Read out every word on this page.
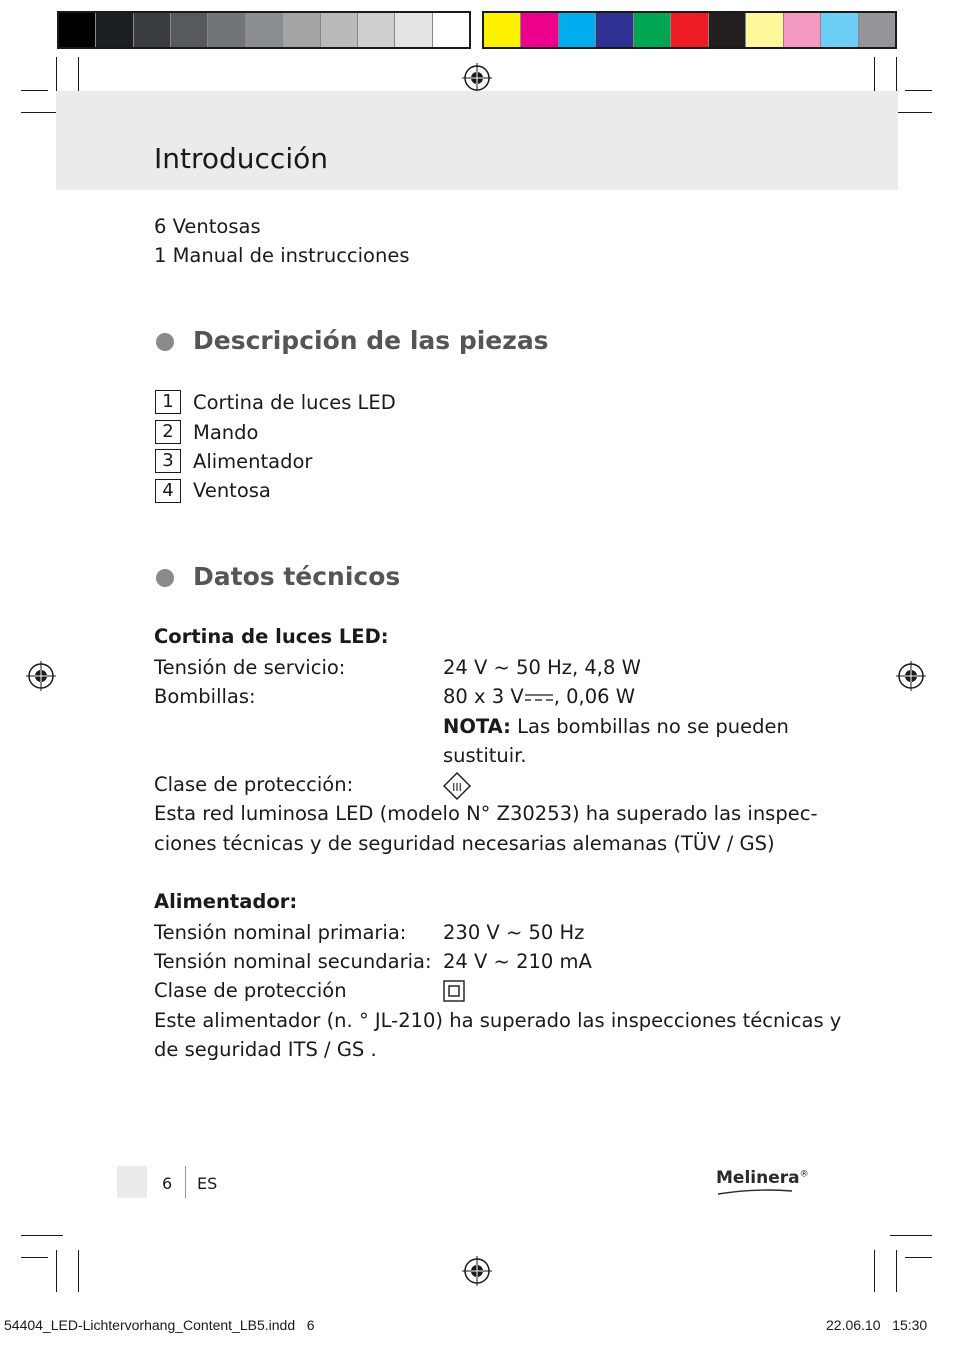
Introducción
6 Ventosas
1 Manual de instrucciones
Descripción de las piezas
1 Cortina de luces LED
2 Mando
3 Alimentador
4 Ventosa
Datos técnicos
Cortina de luces LED:
Tensión de servicio:	24 V ~ 50 Hz, 4,8 W
Bombillas:	80 x 3 V , 0,06 W
NOTA: Las bombillas no se pueden
sustituir.
Clase de protección:	III
Esta red luminosa LED (modelo N° Z30253) ha superado las inspec-
ciones técnicas y de seguridad necesarias alemanas (TÜV / GS)
Alimentador:
Tensión nominal primaria: 230 V ~ 50 Hz
Tensión nominal secundaria: 24 V ~ 210 mA
Clase de protección
Este alimentador (n. ° JL-210) ha superado las inspecciones técnicas y
de seguridad ITS / GS .
6 ES	Melinera®
54404_LED-Lichtervorhang_Content_LB5.indd   6	22.06.10   15:30
